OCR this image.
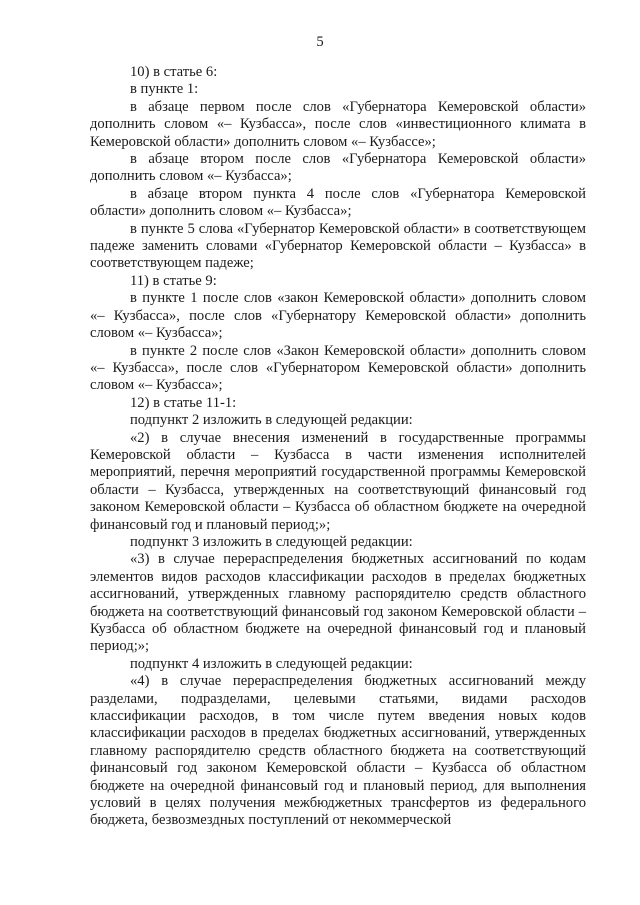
5

10) в статье 6:

в пункте 1:

в абзаце первом после слов «Губернатора Кемеровской области» дополнить словом «– Кузбасса», после слов «инвестиционного климата в Кемеровской области» дополнить словом «– Кузбассе»;

в абзаце втором после слов «Губернатора Кемеровской области» дополнить словом «– Кузбасса»;

в абзаце втором пункта 4 после слов «Губернатора Кемеровской области» дополнить словом «– Кузбасса»;

в пункте 5 слова «Губернатор Кемеровской области» в соответствующем падеже заменить словами «Губернатор Кемеровской области – Кузбасса» в соответствующем падеже;

11) в статье 9:

в пункте 1 после слов «закон Кемеровской области» дополнить словом «– Кузбасса», после слов «Губернатору Кемеровской области» дополнить словом «– Кузбасса»;

в пункте 2 после слов «Закон Кемеровской области» дополнить словом «– Кузбасса», после слов «Губернатором Кемеровской области» дополнить словом «– Кузбасса»;

12) в статье 11-1:

подпункт 2 изложить в следующей редакции:

«2) в случае внесения изменений в государственные программы Кемеровской области – Кузбасса в части изменения исполнителей мероприятий, перечня мероприятий государственной программы Кемеровской области – Кузбасса, утвержденных на соответствующий финансовый год законом Кемеровской области – Кузбасса об областном бюджете на очередной финансовый год и плановый период;»;

подпункт 3 изложить в следующей редакции:

«3) в случае перераспределения бюджетных ассигнований по кодам элементов видов расходов классификации расходов в пределах бюджетных ассигнований, утвержденных главному распорядителю средств областного бюджета на соответствующий финансовый год законом Кемеровской области – Кузбасса об областном бюджете на очередной финансовый год и плановый период;»;

подпункт 4 изложить в следующей редакции:

«4) в случае перераспределения бюджетных ассигнований между разделами, подразделами, целевыми статьями, видами расходов классификации расходов, в том числе путем введения новых кодов классификации расходов в пределах бюджетных ассигнований, утвержденных главному распорядителю средств областного бюджета на соответствующий финансовый год законом Кемеровской области – Кузбасса об областном бюджете на очередной финансовый год и плановый период, для выполнения условий в целях получения межбюджетных трансфертов из федерального бюджета, безвозмездных поступлений от некоммерческой
